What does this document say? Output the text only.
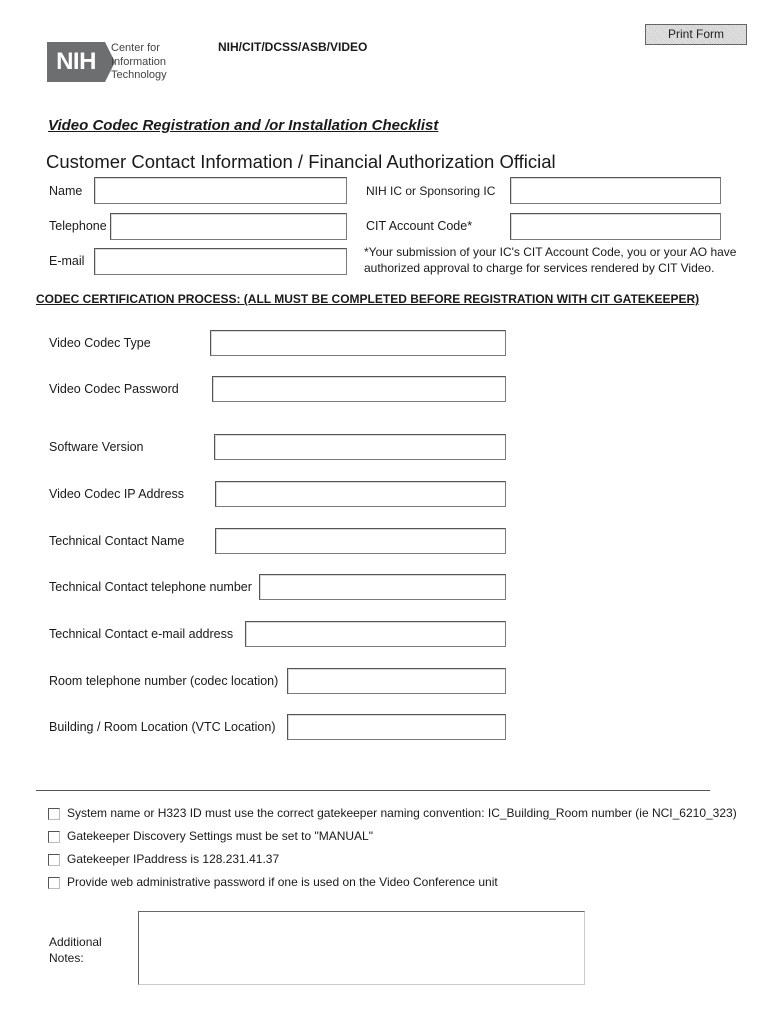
Print Form
NIH	Center for
Information
Technology
NIH/CIT/DCSS/ASB/VIDEO
Video Codec Registration and /or Installation Checklist
Customer Contact Information / Financial Authorization Official
Name
Telephone
E-mail
NIH IC or Sponsoring IC
CIT Account Code*
*Your submission of your IC's CIT Account Code, you or your AO have authorized approval to charge for services rendered by CIT Video.
CODEC CERTIFICATION PROCESS: (ALL MUST BE COMPLETED BEFORE REGISTRATION WITH CIT GATEKEEPER)
Video Codec Type
Video Codec Password
Software Version
Video Codec IP Address
Technical Contact Name
Technical Contact telephone number
Technical Contact e-mail address
Room telephone number (codec location)
Building / Room Location (VTC Location)
System name or H323 ID must use the correct gatekeeper naming convention: IC_Building_Room number (ie NCI_6210_323)
Gatekeeper Discovery Settings must be set to "MANUAL"
Gatekeeper IPaddress is 128.231.41.37
Provide web administrative password if one is used on the Video Conference unit
Additional
Notes:
